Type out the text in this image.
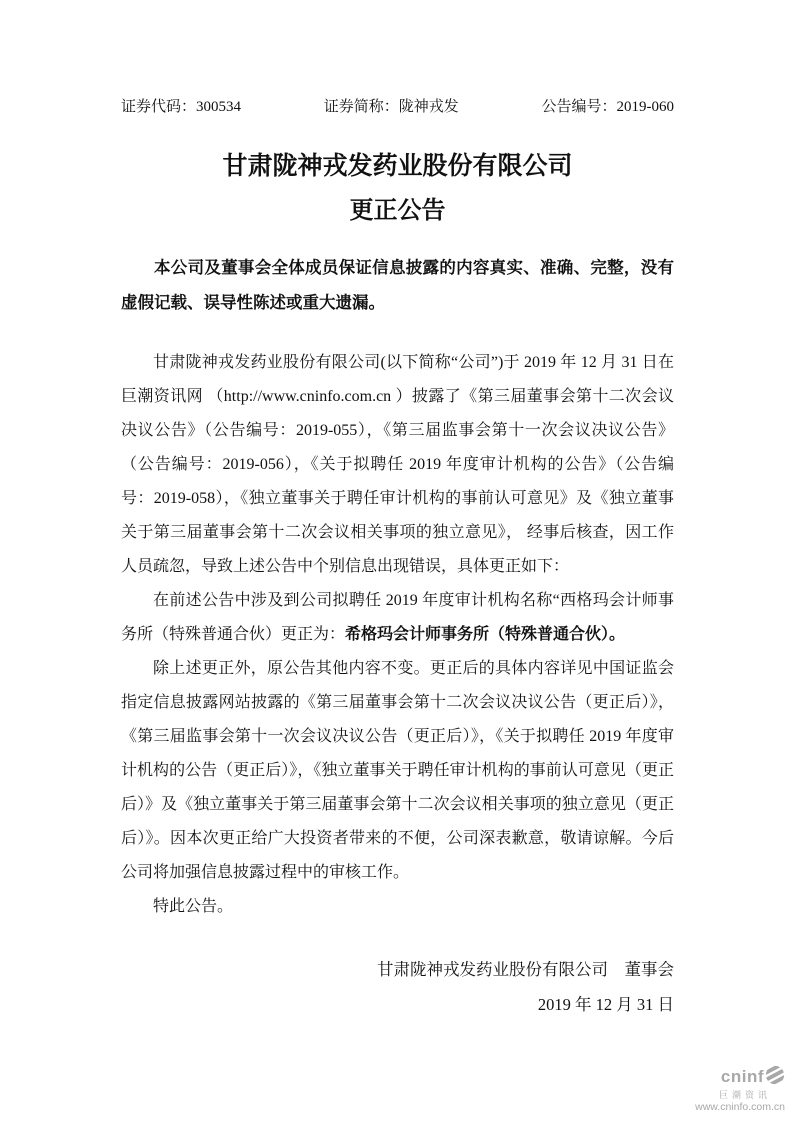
证券代码：300534	证券简称：陇神戎发	公告编号：2019-060
甘肃陇神戎发药业股份有限公司
更正公告

本公司及董事会全体成员保证信息披露的内容真实、准确、完整，没有虚假记载、误导性陈述或重大遗漏。

甘肃陇神戎发药业股份有限公司(以下简称“公司”)于 2019 年 12 月 31 日在巨潮资讯网 （http://www.cninfo.com.cn ）披露了《第三届董事会第十二次会议决议公告》（公告编号：2019-055），《第三届监事会第十一次会议决议公告》（公告编号：2019-056），《关于拟聘任 2019 年度审计机构的公告》（公告编号：2019-058），《独立董事关于聘任审计机构的事前认可意见》及《独立董事关于第三届董事会第十二次会议相关事项的独立意见》， 经事后核查，因工作人员疏忽，导致上述公告中个别信息出现错误，具体更正如下：

在前述公告中涉及到公司拟聘任 2019 年度审计机构名称“西格玛会计师事务所（特殊普通合伙）更正为：希格玛会计师事务所（特殊普通合伙）。

除上述更正外，原公告其他内容不变。更正后的具体内容详见中国证监会指定信息披露网站披露的《第三届董事会第十二次会议决议公告（更正后）》，《第三届监事会第十一次会议决议公告（更正后）》，《关于拟聘任 2019 年度审计机构的公告（更正后）》，《独立董事关于聘任审计机构的事前认可意见（更正后）》及《独立董事关于第三届董事会第十二次会议相关事项的独立意见（更正后）》。因本次更正给广大投资者带来的不便，公司深表歉意，敬请谅解。今后公司将加强信息披露过程中的审核工作。

特此公告。

甘肃陇神戎发药业股份有限公司　董事会
2019 年 12 月 31 日
cninf
巨潮资讯
www.cninfo.com.cn
